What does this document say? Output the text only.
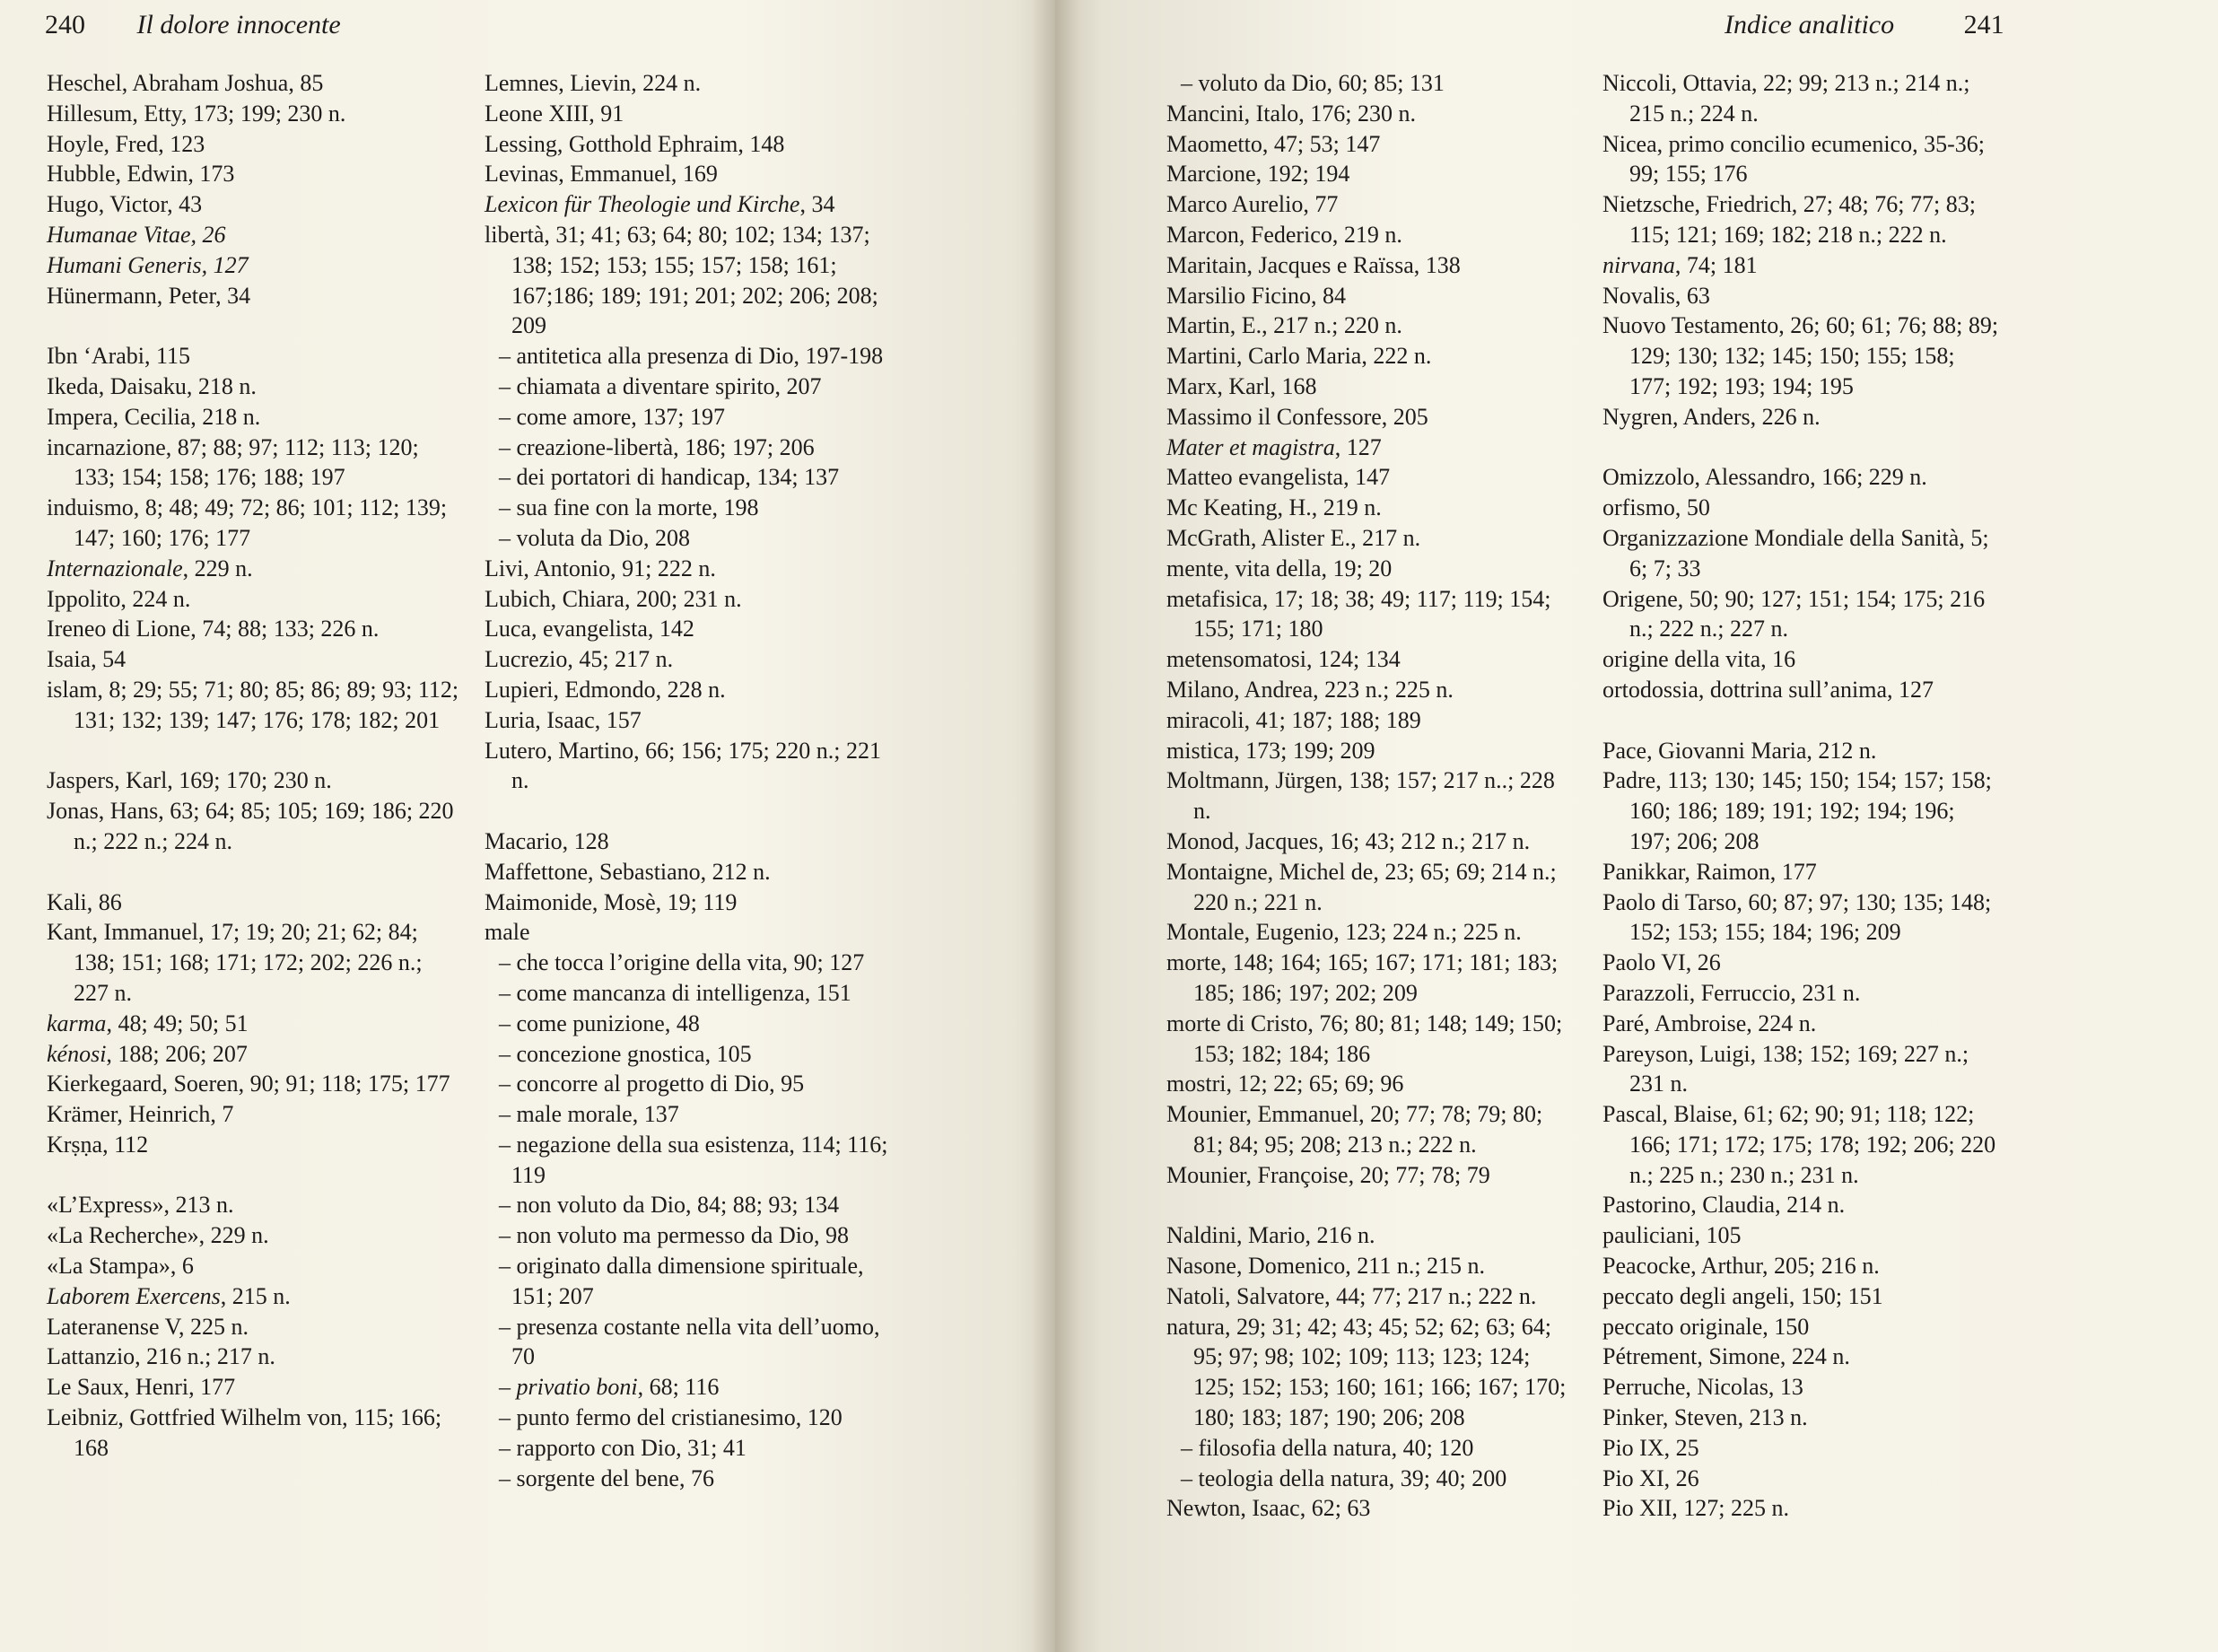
240 Il dolore innocente

Heschel, Abraham Joshua, 85

Hillesum, Etty, 173; 199; 230 n.

Hoyle, Fred, 123

Hubble, Edwin, 173

Hugo, Victor, 43

Humanae Vitae, 26

Humani Generis, 127

Hünermann, Peter, 34

Ibn ‘Arabi, 115

Ikeda, Daisaku, 218 n.

Impera, Cecilia, 218 n.

incarnazione, 87; 88; 97; 112; 113; 120; 133; 154; 158; 176; 188; 197

induismo, 8; 48; 49; 72; 86; 101; 112; 139; 147; 160; 176; 177

Internazionale, 229 n.

Ippolito, 224 n.

Ireneo di Lione, 74; 88; 133; 226 n.

Isaia, 54

islam, 8; 29; 55; 71; 80; 85; 86; 89; 93; 112; 131; 132; 139; 147; 176; 178; 182; 201

Jaspers, Karl, 169; 170; 230 n.

Jonas, Hans, 63; 64; 85; 105; 169; 186; 220 n.; 222 n.; 224 n.

Kali, 86

Kant, Immanuel, 17; 19; 20; 21; 62; 84; 138; 151; 168; 171; 172; 202; 226 n.; 227 n.

karma, 48; 49; 50; 51

kénosi, 188; 206; 207

Kierkegaard, Soeren, 90; 91; 118; 175; 177

Krämer, Heinrich, 7

Krṣṇa, 112

«L’Express», 213 n.

«La Recherche», 229 n.

«La Stampa», 6

Laborem Exercens, 215 n.

Lateranense V, 225 n.

Lattanzio, 216 n.; 217 n.

Le Saux, Henri, 177

Leibniz, Gottfried Wilhelm von, 115; 166; 168

Lemnes, Lievin, 224 n.

Leone XIII, 91

Lessing, Gotthold Ephraim, 148

Levinas, Emmanuel, 169

Lexicon für Theologie und Kirche, 34

libertà, 31; 41; 63; 64; 80; 102; 134; 137; 138; 152; 153; 155; 157; 158; 161; 167;186; 189; 191; 201; 202; 206; 208; 209

– antitetica alla presenza di Dio, 197-198

– chiamata a diventare spirito, 207

– come amore, 137; 197

– creazione-libertà, 186; 197; 206

– dei portatori di handicap, 134; 137

– sua fine con la morte, 198

– voluta da Dio, 208

Livi, Antonio, 91; 222 n.

Lubich, Chiara, 200; 231 n.

Luca, evangelista, 142

Lucrezio, 45; 217 n.

Lupieri, Edmondo, 228 n.

Luria, Isaac, 157

Lutero, Martino, 66; 156; 175; 220 n.; 221 n.

Macario, 128

Maffettone, Sebastiano, 212 n.

Maimonide, Mosè, 19; 119

male

– che tocca l’origine della vita, 90; 127

– come mancanza di intelligenza, 151

– come punizione, 48

– concezione gnostica, 105

– concorre al progetto di Dio, 95

– male morale, 137

– negazione della sua esistenza, 114; 116; 119

– non voluto da Dio, 84; 88; 93; 134

– non voluto ma permesso da Dio, 98

– originato dalla dimensione spirituale, 151; 207

– presenza costante nella vita dell’uomo, 70

– privatio boni, 68; 116

– punto fermo del cristianesimo, 120

– rapporto con Dio, 31; 41

– sorgente del bene, 76

Indice analitico	241

– voluto da Dio, 60; 85; 131

Mancini, Italo, 176; 230 n.

Maometto, 47; 53; 147

Marcione, 192; 194

Marco Aurelio, 77

Marcon, Federico, 219 n.

Maritain, Jacques e Raïssa, 138

Marsilio Ficino, 84

Martin, E., 217 n.; 220 n.

Martini, Carlo Maria, 222 n.

Marx, Karl, 168

Massimo il Confessore, 205

Mater et magistra, 127

Matteo evangelista, 147

Mc Keating, H., 219 n.

McGrath, Alister E., 217 n.

mente, vita della, 19; 20

metafisica, 17; 18; 38; 49; 117; 119; 154; 155; 171; 180

metensomatosi, 124; 134

Milano, Andrea, 223 n.; 225 n.

miracoli, 41; 187; 188; 189

mistica, 173; 199; 209

Moltmann, Jürgen, 138; 157; 217 n..; 228 n.

Monod, Jacques, 16; 43; 212 n.; 217 n.

Montaigne, Michel de, 23; 65; 69; 214 n.; 220 n.; 221 n.

Montale, Eugenio, 123; 224 n.; 225 n.

morte, 148; 164; 165; 167; 171; 181; 183; 185; 186; 197; 202; 209

morte di Cristo, 76; 80; 81; 148; 149; 150; 153; 182; 184; 186

mostri, 12; 22; 65; 69; 96

Mounier, Emmanuel, 20; 77; 78; 79; 80; 81; 84; 95; 208; 213 n.; 222 n.

Mounier, Françoise, 20; 77; 78; 79

Naldini, Mario, 216 n.

Nasone, Domenico, 211 n.; 215 n.

Natoli, Salvatore, 44; 77; 217 n.; 222 n.

natura, 29; 31; 42; 43; 45; 52; 62; 63; 64; 95; 97; 98; 102; 109; 113; 123; 124; 125; 152; 153; 160; 161; 166; 167; 170; 180; 183; 187; 190; 206; 208

– filosofia della natura, 40; 120

– teologia della natura, 39; 40; 200

Newton, Isaac, 62; 63

Niccoli, Ottavia, 22; 99; 213 n.; 214 n.; 215 n.; 224 n.

Nicea, primo concilio ecumenico, 35-36; 99; 155; 176

Nietzsche, Friedrich, 27; 48; 76; 77; 83; 115; 121; 169; 182; 218 n.; 222 n.

nirvana, 74; 181

Novalis, 63

Nuovo Testamento, 26; 60; 61; 76; 88; 89; 129; 130; 132; 145; 150; 155; 158; 177; 192; 193; 194; 195

Nygren, Anders, 226 n.

Omizzolo, Alessandro, 166; 229 n.

orfismo, 50

Organizzazione Mondiale della Sanità, 5; 6; 7; 33

Origene, 50; 90; 127; 151; 154; 175; 216 n.; 222 n.; 227 n.

origine della vita, 16

ortodossia, dottrina sull’anima, 127

Pace, Giovanni Maria, 212 n.

Padre, 113; 130; 145; 150; 154; 157; 158; 160; 186; 189; 191; 192; 194; 196; 197; 206; 208

Panikkar, Raimon, 177

Paolo di Tarso, 60; 87; 97; 130; 135; 148; 152; 153; 155; 184; 196; 209

Paolo VI, 26

Parazzoli, Ferruccio, 231 n.

Paré, Ambroise, 224 n.

Pareyson, Luigi, 138; 152; 169; 227 n.; 231 n.

Pascal, Blaise, 61; 62; 90; 91; 118; 122; 166; 171; 172; 175; 178; 192; 206; 220 n.; 225 n.; 230 n.; 231 n.

Pastorino, Claudia, 214 n.

pauliciani, 105

Peacocke, Arthur, 205; 216 n.

peccato degli angeli, 150; 151

peccato originale, 150

Pétrement, Simone, 224 n.

Perruche, Nicolas, 13

Pinker, Steven, 213 n.

Pio IX, 25

Pio XI, 26

Pio XII, 127; 225 n.
